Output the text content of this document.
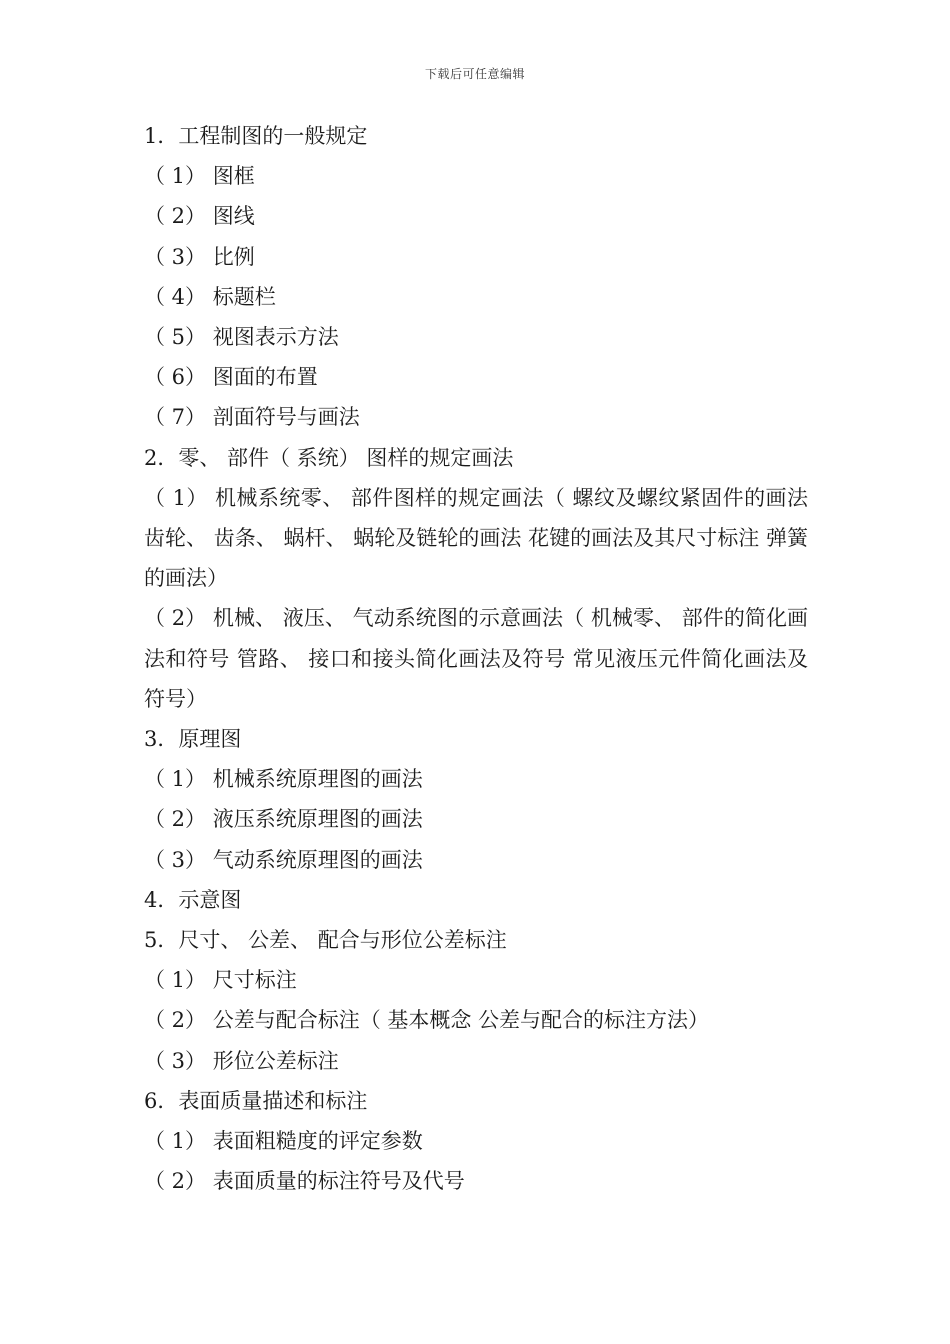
下载后可任意编辑

1．工程制图的一般规定

（ 1） 图框

（ 2） 图线

（ 3） 比例

（ 4） 标题栏

（ 5） 视图表示方法

（ 6） 图面的布置

（ 7） 剖面符号与画法

2．零、 部件（ 系统） 图样的规定画法

（ 1） 机械系统零、 部件图样的规定画法（ 螺纹及螺纹紧固件的画法 齿轮、 齿条、 蜗杆、 蜗轮及链轮的画法 花键的画法及其尺寸标注 弹簧的画法）

（ 2） 机械、 液压、 气动系统图的示意画法（ 机械零、 部件的简化画法和符号 管路、 接口和接头简化画法及符号 常见液压元件简化画法及符号）

3．原理图

（ 1） 机械系统原理图的画法

（ 2） 液压系统原理图的画法

（ 3） 气动系统原理图的画法

4．示意图

5．尺寸、 公差、 配合与形位公差标注

（ 1） 尺寸标注

（ 2） 公差与配合标注（ 基本概念 公差与配合的标注方法）

（ 3） 形位公差标注

6．表面质量描述和标注

（ 1） 表面粗糙度的评定参数

（ 2） 表面质量的标注符号及代号
